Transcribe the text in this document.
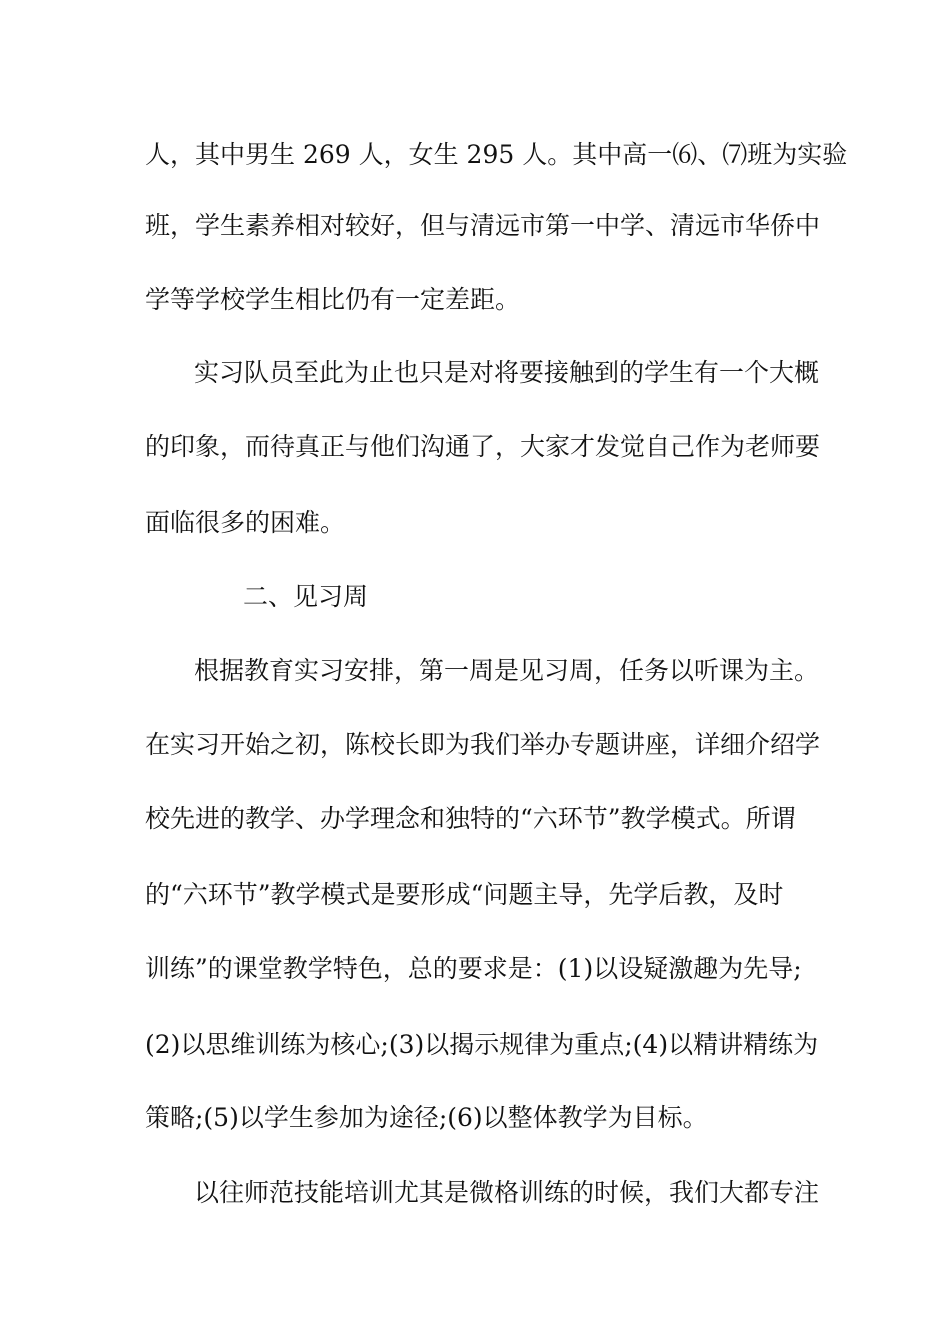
人，其中男生 269 人，女生 295 人。其中高一⑹、⑺班为实验

班，学生素养相对较好，但与清远市第一中学、清远市华侨中

学等学校学生相比仍有一定差距。

实习队员至此为止也只是对将要接触到的学生有一个大概

的印象，而待真正与他们沟通了，大家才发觉自己作为老师要

面临很多的困难。

二、见习周

根据教育实习安排，第一周是见习周，任务以听课为主。

在实习开始之初，陈校长即为我们举办专题讲座，详细介绍学

校先进的教学、办学理念和独特的“六环节”教学模式。所谓

的“六环节”教学模式是要形成“问题主导，先学后教，及时

训练”的课堂教学特色，总的要求是：(1)以设疑激趣为先导;

(2)以思维训练为核心;(3)以揭示规律为重点;(4)以精讲精练为

策略;(5)以学生参加为途径;(6)以整体教学为目标。

以往师范技能培训尤其是微格训练的时候，我们大都专注
